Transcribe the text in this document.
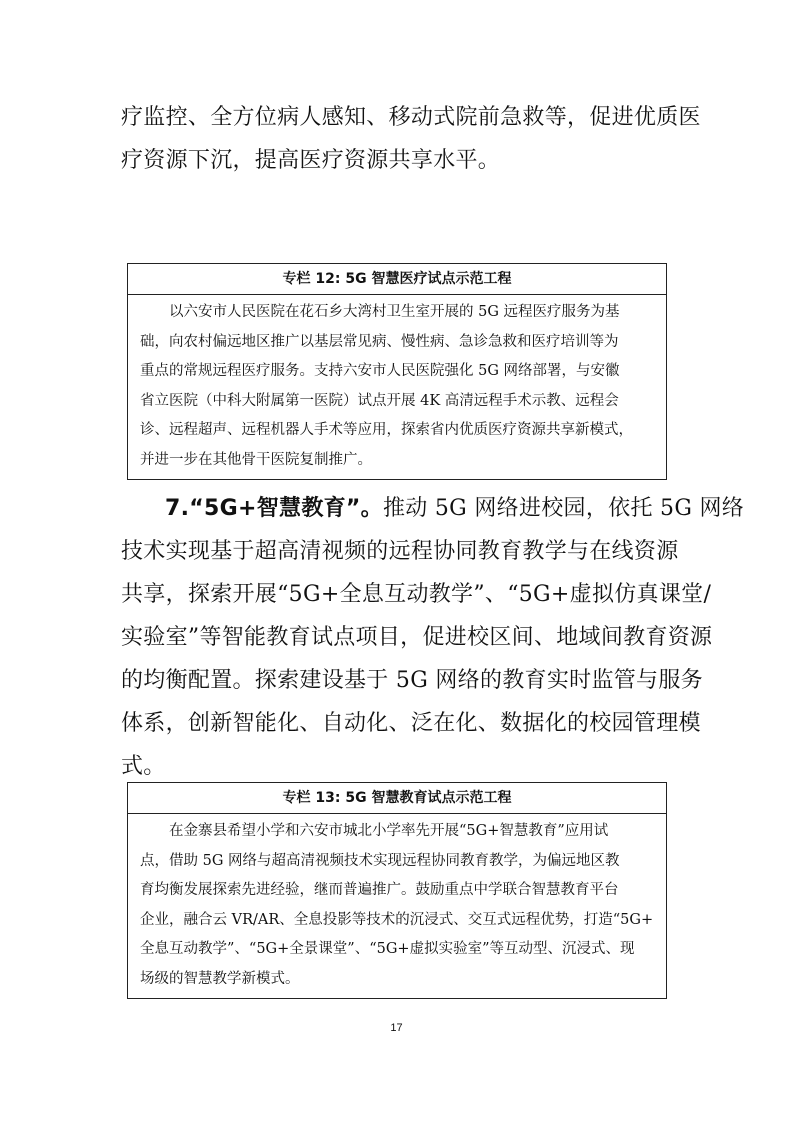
疗监控、全方位病人感知、移动式院前急救等，促进优质医
疗资源下沉，提高医疗资源共享水平。
专栏 12: 5G 智慧医疗试点示范工程
以六安市人民医院在花石乡大湾村卫生室开展的 5G 远程医疗服务为基
础，向农村偏远地区推广以基层常见病、慢性病、急诊急救和医疗培训等为
重点的常规远程医疗服务。支持六安市人民医院强化 5G 网络部署，与安徽
省立医院（中科大附属第一医院）试点开展 4K 高清远程手术示教、远程会
诊、远程超声、远程机器人手术等应用，探索省内优质医疗资源共享新模式，
并进一步在其他骨干医院复制推广。
7.“5G+智慧教育”。推动 5G 网络进校园，依托 5G 网络
技术实现基于超高清视频的远程协同教育教学与在线资源
共享，探索开展“5G+全息互动教学”、“5G+虚拟仿真课堂/
实验室”等智能教育试点项目，促进校区间、地域间教育资源
的均衡配置。探索建设基于 5G 网络的教育实时监管与服务
体系，创新智能化、自动化、泛在化、数据化的校园管理模
式。
专栏 13: 5G 智慧教育试点示范工程
在金寨县希望小学和六安市城北小学率先开展“5G+智慧教育”应用试
点，借助 5G 网络与超高清视频技术实现远程协同教育教学，为偏远地区教
育均衡发展探索先进经验，继而普遍推广。鼓励重点中学联合智慧教育平台
企业，融合云 VR/AR、全息投影等技术的沉浸式、交互式远程优势，打造“5G+
全息互动教学”、“5G+全景课堂”、“5G+虚拟实验室”等互动型、沉浸式、现
场级的智慧教学新模式。
17
